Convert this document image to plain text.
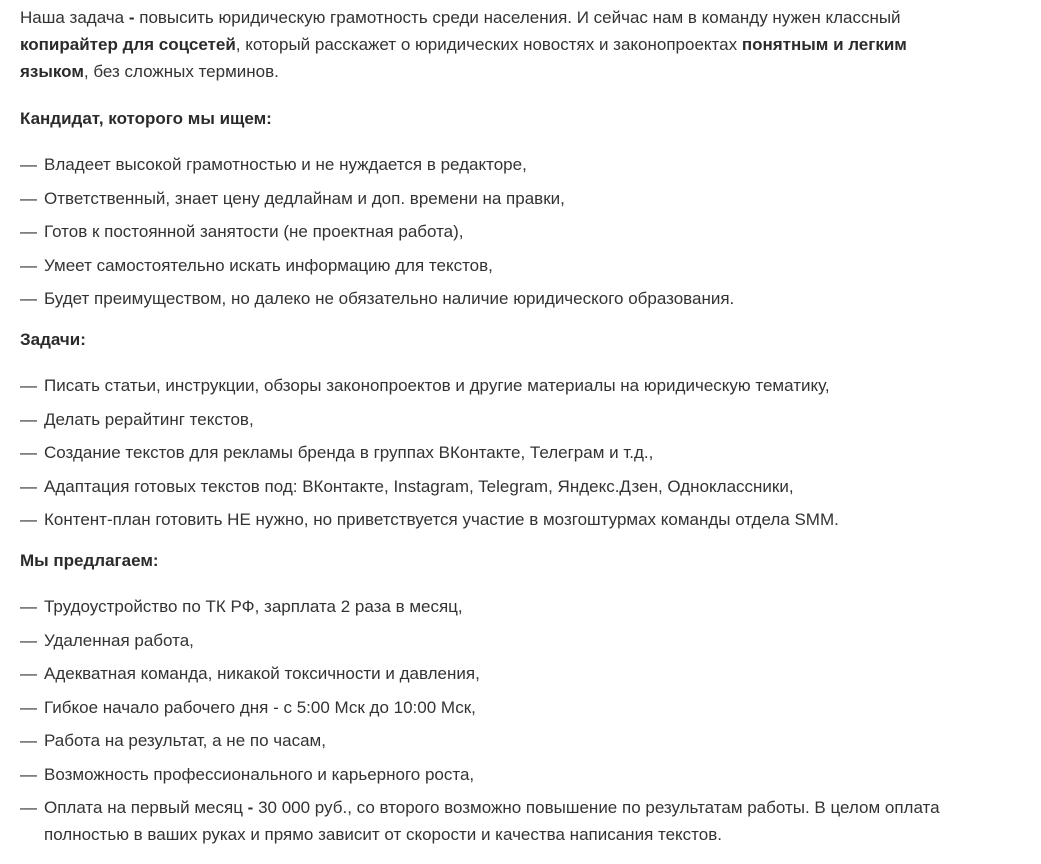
Наша задача - повысить юридическую грамотность среди населения. И сейчас нам в команду нужен классный копирайтер для соцсетей, который расскажет о юридических новостях и законопроектах понятным и легким языком, без сложных терминов.

Кандидат, которого мы ищем:

— Владеет высокой грамотностью и не нуждается в редакторе,
— Ответственный, знает цену дедлайнам и доп. времени на правки,
— Готов к постоянной занятости (не проектная работа),
— Умеет самостоятельно искать информацию для текстов,
— Будет преимуществом, но далеко не обязательно наличие юридического образования.

Задачи:

— Писать статьи, инструкции, обзоры законопроектов и другие материалы на юридическую тематику,
— Делать рерайтинг текстов,
— Создание текстов для рекламы бренда в группах ВКонтакте, Телеграм и т.д.,
— Адаптация готовых текстов под: ВКонтакте, Instagram, Telegram, Яндекс.Дзен, Одноклассники,
— Контент-план готовить НЕ нужно, но приветствуется участие в мозгоштурмах команды отдела SMM.

Мы предлагаем:

— Трудоустройство по ТК РФ, зарплата 2 раза в месяц,
— Удаленная работа,
— Адекватная команда, никакой токсичности и давления,
— Гибкое начало рабочего дня - с 5:00 Мск до 10:00 Мск,
— Работа на результат, а не по часам,
— Возможность профессионального и карьерного роста,
— Оплата на первый месяц - 30 000 руб., со второго возможно повышение по результатам работы. В целом оплата полностью в ваших руках и прямо зависит от скорости и качества написания текстов.
